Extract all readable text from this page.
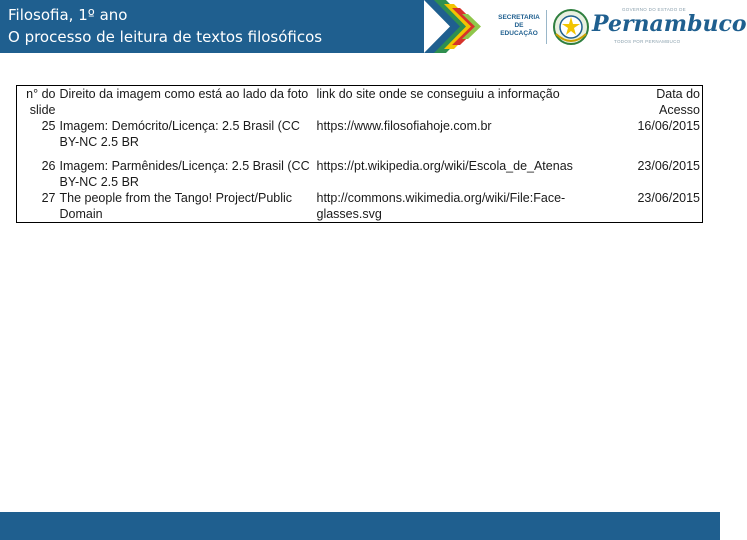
Filosofia, 1º ano
O processo de leitura de textos filosóficos
SECRETARIA
DE EDUCAÇÃO
GOVERNO DO ESTADO DE
Pernambuco
TODOS POR PERNAMBUCO
n° do slide	Direito da imagem como está ao lado da foto	link do site onde se conseguiu a informação	Data do Acesso
25	Imagem: Demócrito/Licença: 2.5 Brasil (CC BY-NC 2.5 BR	https://www.filosofiahoje.com.br	16/06/2015
26	Imagem: Parmênides/Licença: 2.5 Brasil (CC BY-NC 2.5 BR	https://pt.wikipedia.org/wiki/Escola_de_Atenas	23/06/2015
27	The people from the Tango! Project/Public Domain	http://commons.wikimedia.org/wiki/File:Face-glasses.svg	23/06/2015
